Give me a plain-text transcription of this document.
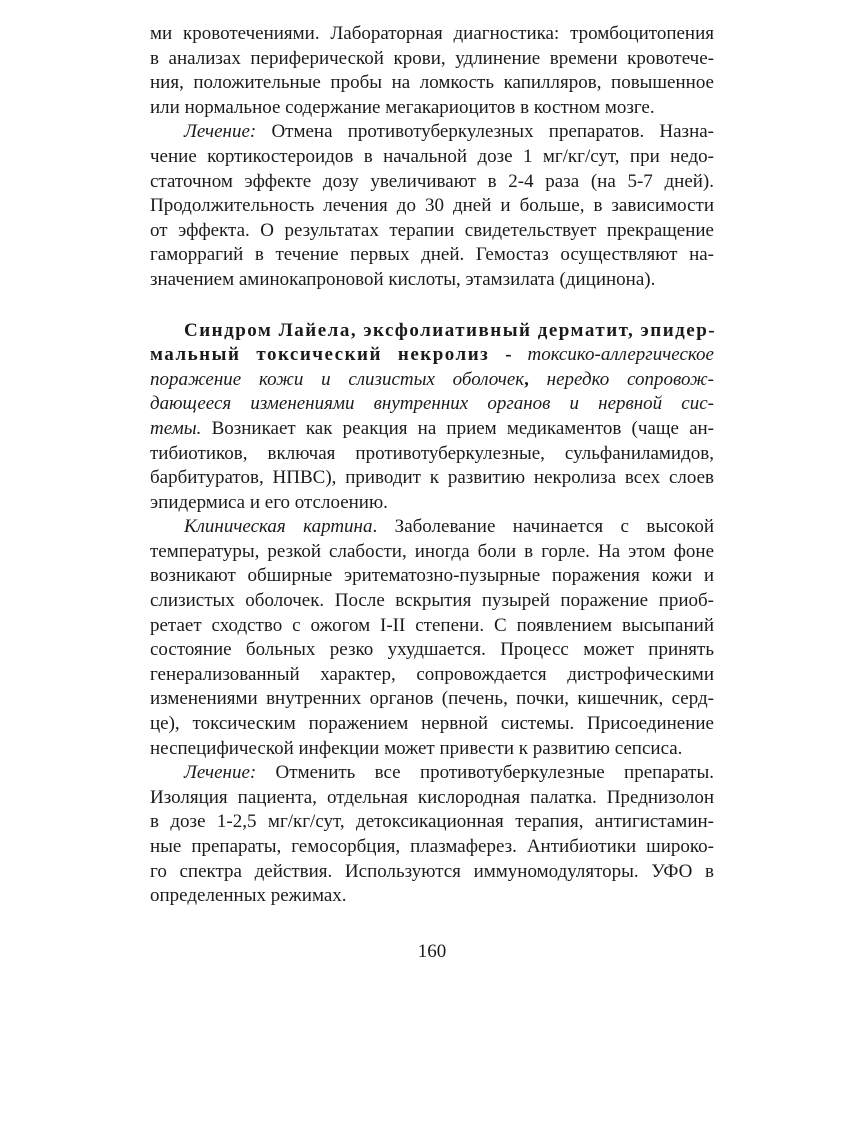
ми кровотечениями. Лабораторная диагностика: тромбоцитопения
в анализах периферической крови, удлинение времени кровотече-
ния, положительные пробы на ломкость капилляров, повышенное
или нормальное содержание мегакариоцитов в костном мозге.
Лечение: Отмена противотуберкулезных препаратов. Назна-
чение кортикостероидов в начальной дозе 1 мг/кг/сут, при недо-
статочном эффекте дозу увеличивают в 2-4 раза (на 5-7 дней).
Продолжительность лечения до 30 дней и больше, в зависимости
от эффекта. О результатах терапии свидетельствует прекращение
гаморрагий в течение первых дней. Гемостаз осуществляют на-
значением аминокапроновой кислоты, этамзилата (дицинона).
Синдром Лайела, эксфолиативный дерматит, эпидер-
мальный токсический некролиз - токсико-аллергическое
поражение кожи и слизистых оболочек, нередко сопровож-
дающееся изменениями внутренних органов и нервной сис-
темы. Возникает как реакция на прием медикаментов (чаще ан-
тибиотиков, включая противотуберкулезные, сульфаниламидов,
барбитуратов, НПВС), приводит к развитию некролиза всех слоев
эпидермиса и его отслоению.
Клиническая картина. Заболевание начинается с высокой
температуры, резкой слабости, иногда боли в горле. На этом фоне
возникают обширные эритематозно-пузырные поражения кожи и
слизистых оболочек. После вскрытия пузырей поражение приоб-
ретает сходство с ожогом I-II степени. С появлением высыпаний
состояние больных резко ухудшается. Процесс может принять
генерализованный характер, сопровождается дистрофическими
изменениями внутренних органов (печень, почки, кишечник, серд-
це), токсическим поражением нервной системы. Присоединение
неспецифической инфекции может привести к развитию сепсиса.
Лечение: Отменить все противотуберкулезные препараты.
Изоляция пациента, отдельная кислородная палатка. Преднизолон
в дозе 1-2,5 мг/кг/сут, детоксикационная терапия, антигистамин-
ные препараты, гемосорбция, плазмаферез. Антибиотики широко-
го спектра действия. Используются иммуномодуляторы. УФО в
определенных режимах.
160
